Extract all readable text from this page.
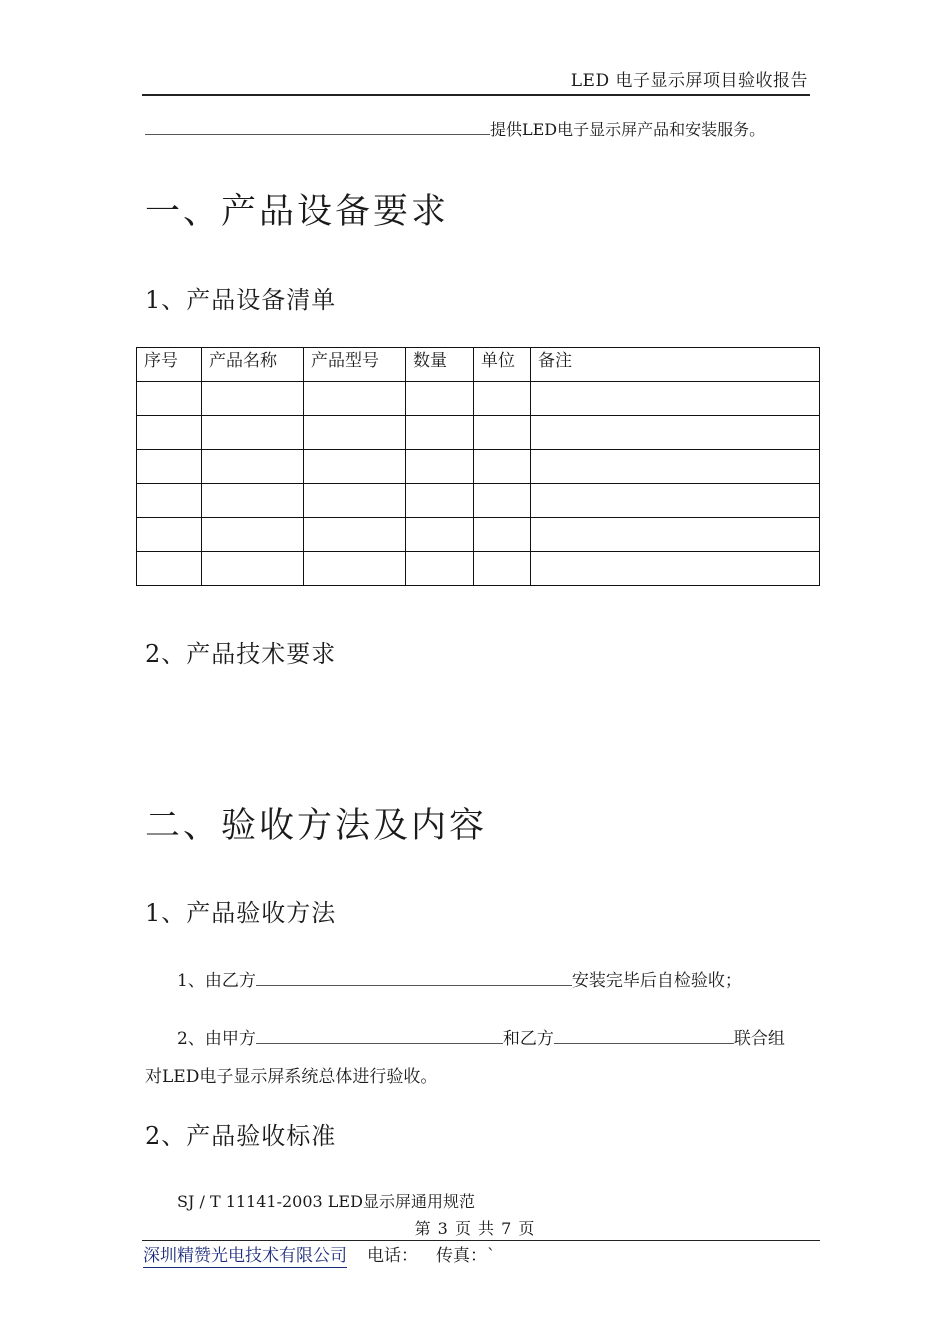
LED 电子显示屏项目验收报告
提供LED电子显示屏产品和安装服务。
一、产品设备要求
1、产品设备清单
序号	产品名称	产品型号	数量	单位	备注

2、产品技术要求
二、验收方法及内容
1、产品验收方法
1、由乙方	安装完毕后自检验收；
2、由甲方	和乙方	联合组
对LED电子显示屏系统总体进行验收。
2、产品验收标准
SJ / T 11141-2003 LED显示屏通用规范
第 3 页 共 7 页
深圳精赞光电技术有限公司 电话： 传真：`
